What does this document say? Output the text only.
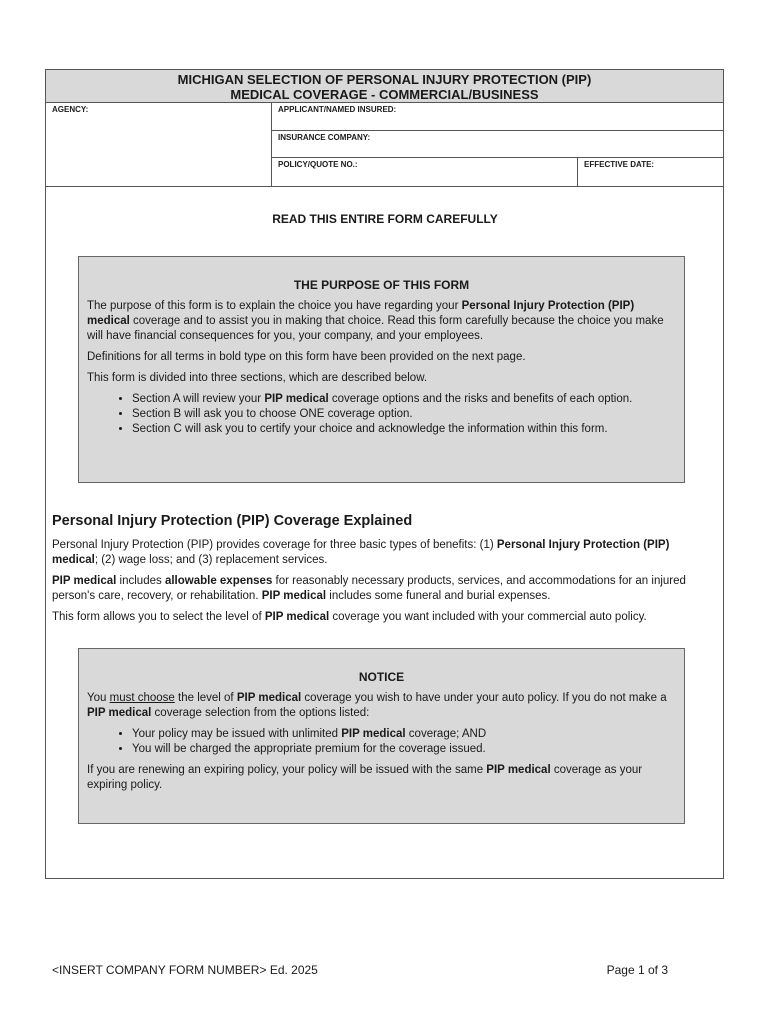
MICHIGAN SELECTION OF PERSONAL INJURY PROTECTION (PIP)
MEDICAL COVERAGE - COMMERCIAL/BUSINESS
AGENCY:	APPLICANT/NAMED INSURED:
INSURANCE COMPANY:
POLICY/QUOTE NO.:	EFFECTIVE DATE:
READ THIS ENTIRE FORM CAREFULLY
THE PURPOSE OF THIS FORM

The purpose of this form is to explain the choice you have regarding your Personal Injury Protection (PIP) medical coverage and to assist you in making that choice. Read this form carefully because the choice you make will have financial consequences for you, your company, and your employees.

Definitions for all terms in bold type on this form have been provided on the next page.

This form is divided into three sections, which are described below.

• Section A will review your PIP medical coverage options and the risks and benefits of each option.
• Section B will ask you to choose ONE coverage option.
• Section C will ask you to certify your choice and acknowledge the information within this form.
Personal Injury Protection (PIP) Coverage Explained

Personal Injury Protection (PIP) provides coverage for three basic types of benefits: (1) Personal Injury Protection (PIP) medical; (2) wage loss; and (3) replacement services.

PIP medical includes allowable expenses for reasonably necessary products, services, and accommodations for an injured person's care, recovery, or rehabilitation. PIP medical includes some funeral and burial expenses.

This form allows you to select the level of PIP medical coverage you want included with your commercial auto policy.

NOTICE

You must choose the level of PIP medical coverage you wish to have under your auto policy. If you do not make a PIP medical coverage selection from the options listed:

• Your policy may be issued with unlimited PIP medical coverage; AND
• You will be charged the appropriate premium for the coverage issued.

If you are renewing an expiring policy, your policy will be issued with the same PIP medical coverage as your expiring policy.

<INSERT COMPANY FORM NUMBER> Ed. 2025	Page 1 of 3
